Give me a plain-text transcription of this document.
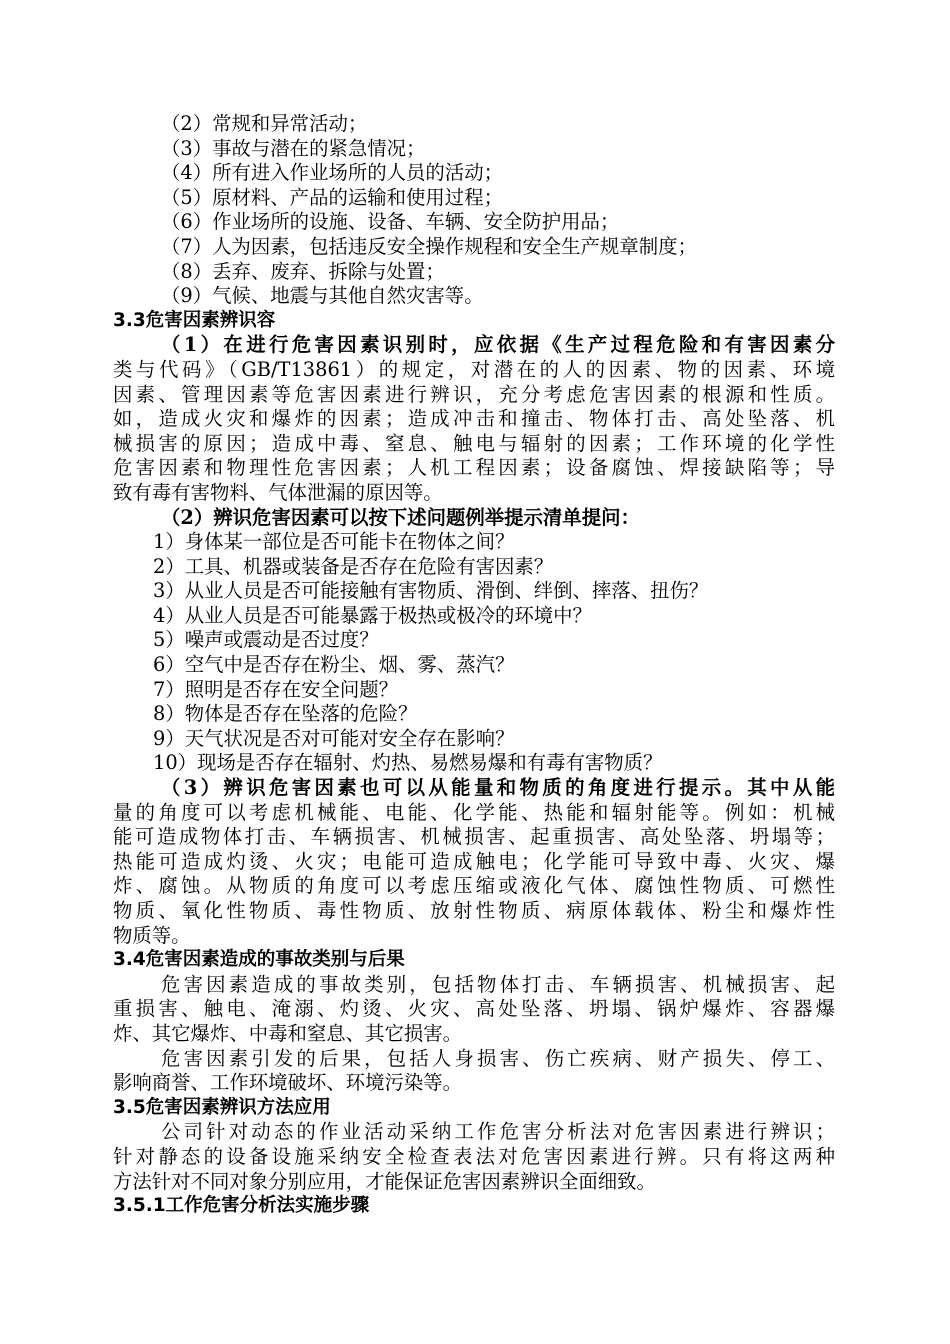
（2）常规和异常活动；
（3）事故与潜在的紧急情况；
（4）所有进入作业场所的人员的活动；
（5）原材料、产品的运输和使用过程；
（6）作业场所的设施、设备、车辆、安全防护用品；
（7）人为因素，包括违反安全操作规程和安全生产规章制度；
（8）丢弃、废弃、拆除与处置；
（9）气候、地震与其他自然灾害等。
3.3危害因素辨识容
（1）在进行危害因素识别时，应依据《生产过程危险和有害因素分
类与代码》（GB/T13861）的规定，对潜在的人的因素、物的因素、环境
因素、管理因素等危害因素进行辨识，充分考虑危害因素的根源和性质。
如，造成火灾和爆炸的因素；造成冲击和撞击、物体打击、高处坠落、机
械损害的原因；造成中毒、窒息、触电与辐射的因素；工作环境的化学性
危害因素和物理性危害因素；人机工程因素；设备腐蚀、焊接缺陷等；导
致有毒有害物料、气体泄漏的原因等。
（2）辨识危害因素可以按下述问题例举提示清单提问：
1）身体某一部位是否可能卡在物体之间？
2）工具、机器或装备是否存在危险有害因素？
3）从业人员是否可能接触有害物质、滑倒、绊倒、摔落、扭伤？
4）从业人员是否可能暴露于极热或极冷的环境中？
5）噪声或震动是否过度？
6）空气中是否存在粉尘、烟、雾、蒸汽？
7）照明是否存在安全问题？
8）物体是否存在坠落的危险？
9）天气状况是否对可能对安全存在影响？
10）现场是否存在辐射、灼热、易燃易爆和有毒有害物质？
（3）辨识危害因素也可以从能量和物质的角度进行提示。其中从能
量的角度可以考虑机械能、电能、化学能、热能和辐射能等。例如：机械
能可造成物体打击、车辆损害、机械损害、起重损害、高处坠落、坍塌等；
热能可造成灼烫、火灾；电能可造成触电；化学能可导致中毒、火灾、爆
炸、腐蚀。从物质的角度可以考虑压缩或液化气体、腐蚀性物质、可燃性
物质、氧化性物质、毒性物质、放射性物质、病原体载体、粉尘和爆炸性
物质等。
3.4危害因素造成的事故类别与后果
危害因素造成的事故类别，包括物体打击、车辆损害、机械损害、起
重损害、触电、淹溺、灼烫、火灾、高处坠落、坍塌、锅炉爆炸、容器爆
炸、其它爆炸、中毒和窒息、其它损害。
危害因素引发的后果，包括人身损害、伤亡疾病、财产损失、停工、
影响商誉、工作环境破坏、环境污染等。
3.5危害因素辨识方法应用
公司针对动态的作业活动采纳工作危害分析法对危害因素进行辨识；
针对静态的设备设施采纳安全检查表法对危害因素进行辨。只有将这两种
方法针对不同对象分别应用，才能保证危害因素辨识全面细致。
3.5.1工作危害分析法实施步骤
